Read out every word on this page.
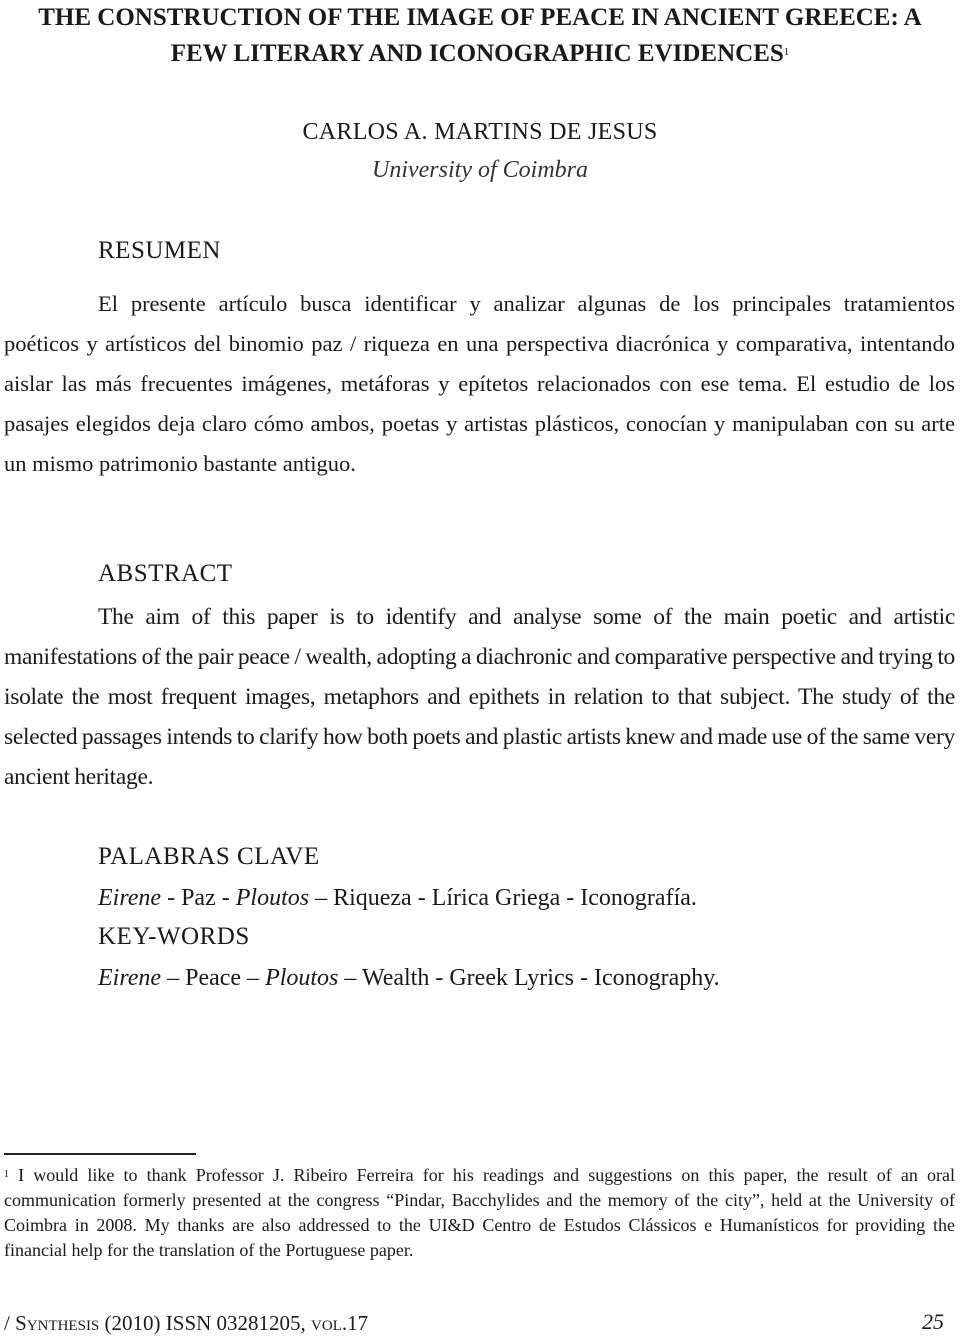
THE CONSTRUCTION OF THE IMAGE OF PEACE IN ANCIENT GREECE: A
FEW LITERARY AND ICONOGRAPHIC EVIDENCES$^1$
CARLOS A. MARTINS DE JESUS
University of Coimbra
RESUMEN

El presente artículo busca identificar y analizar algunas de los principales tratamientos poéticos y artísticos del binomio paz / riqueza en una perspectiva diacrónica y comparativa, intentando aislar las más frecuentes imágenes, metáforas y epítetos relacionados con ese tema. El estudio de los pasajes elegidos deja claro cómo ambos, poetas y artistas plásticos, conocían y manipulaban con su arte un mismo patrimonio bastante antiguo.

ABSTRACT

The aim of this paper is to identify and analyse some of the main poetic and artistic manifestations of the pair peace / wealth, adopting a diachronic and comparative perspective and trying to isolate the most frequent images, metaphors and epithets in relation to that subject. The study of the selected passages intends to clarify how both poets and plastic artists knew and made use of the same very ancient heritage.

PALABRAS CLAVE
Eirene - Paz - Ploutos – Riqueza - Lírica Griega - Iconografía.
KEY-WORDS
Eirene – Peace – Ploutos – Wealth - Greek Lyrics - Iconography.

$^1$ I would like to thank Professor J. Ribeiro Ferreira for his readings and suggestions on this paper, the result of an oral communication formerly presented at the congress “Pindar, Bacchylides and the memory of the city”, held at the University of Coimbra in 2008. My thanks are also addressed to the UI&D Centro de Estudos Clássicos e Humanísticos for providing the financial help for the translation of the Portuguese paper.

/ Synthesis (2010) ISSN 03281205, vol.17	25
